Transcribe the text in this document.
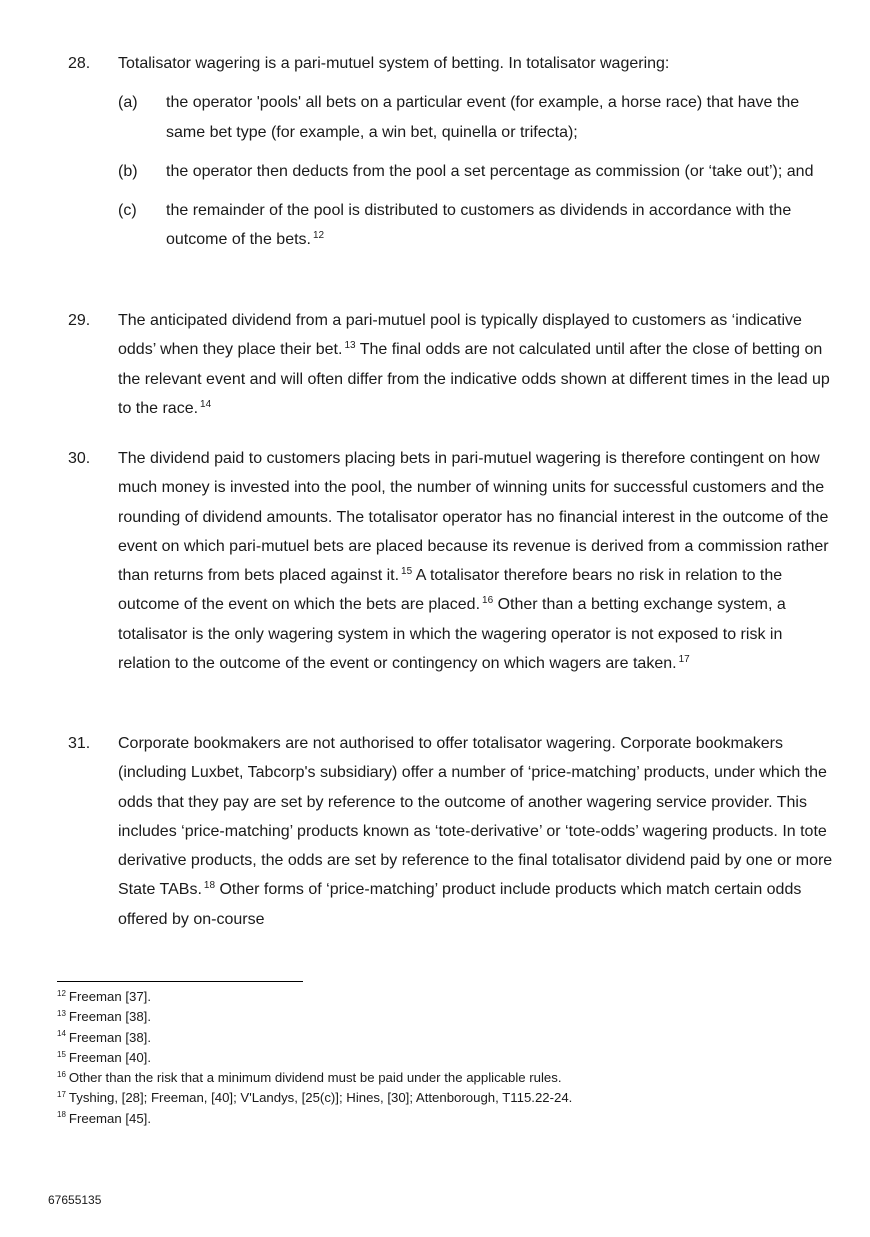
28. Totalisator wagering is a pari-mutuel system of betting. In totalisator wagering:
(a) the operator 'pools' all bets on a particular event (for example, a horse race) that have the same bet type (for example, a win bet, quinella or trifecta);
(b) the operator then deducts from the pool a set percentage as commission (or ‘take out’); and
(c) the remainder of the pool is distributed to customers as dividends in accordance with the outcome of the bets. $^{12}$
29. The anticipated dividend from a pari-mutuel pool is typically displayed to customers as ‘indicative odds’ when they place their bet. $^{13}$ The final odds are not calculated until after the close of betting on the relevant event and will often differ from the indicative odds shown at different times in the lead up to the race. $^{14}$
30. The dividend paid to customers placing bets in pari-mutuel wagering is therefore contingent on how much money is invested into the pool, the number of winning units for successful customers and the rounding of dividend amounts. The totalisator operator has no financial interest in the outcome of the event on which pari-mutuel bets are placed because its revenue is derived from a commission rather than returns from bets placed against it. $^{15}$ A totalisator therefore bears no risk in relation to the outcome of the event on which the bets are placed. $^{16}$ Other than a betting exchange system, a totalisator is the only wagering system in which the wagering operator is not exposed to risk in relation to the outcome of the event or contingency on which wagers are taken. $^{17}$
31. Corporate bookmakers are not authorised to offer totalisator wagering. Corporate bookmakers (including Luxbet, Tabcorp's subsidiary) offer a number of ‘price-matching’ products, under which the odds that they pay are set by reference to the outcome of another wagering service provider. This includes ‘price-matching’ products known as ‘tote-derivative’ or ‘tote-odds’ wagering products. In tote derivative products, the odds are set by reference to the final totalisator dividend paid by one or more State TABs. $^{18}$ Other forms of ‘price-matching’ product include products which match certain odds offered by on-course
$^{12}$ Freeman [37].
$^{13}$ Freeman [38].
$^{14}$ Freeman [38].
$^{15}$ Freeman [40].
$^{16}$ Other than the risk that a minimum dividend must be paid under the applicable rules.
$^{17}$ Tyshing, [28]; Freeman, [40]; V'Landys, [25(c)]; Hines, [30]; Attenborough, T115.22-24.
$^{18}$ Freeman [45].
67655135
